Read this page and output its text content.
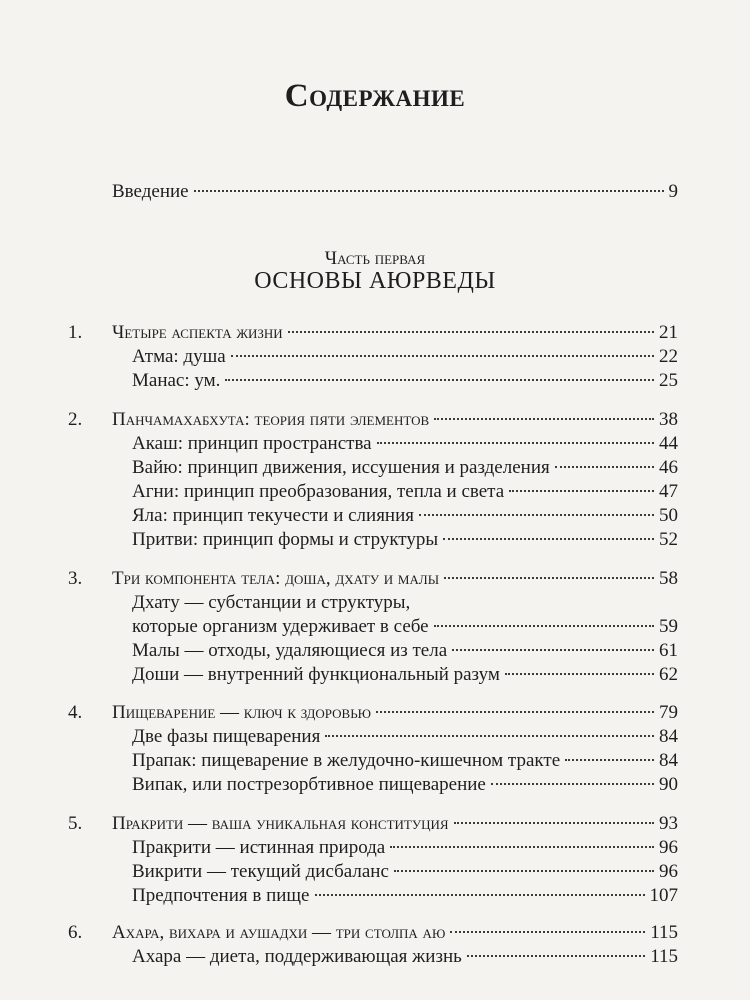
Содержание
Введение	9
Часть первая
ОСНОВЫ АЮРВЕДЫ
1. Четыре аспекта жизни	21
Атма: душа	22
Манас: ум.	25
2. Панчамахабхута: теория пяти элементов	38
Акаш: принцип пространства	44
Вайю: принцип движения, иссушения и разделения	46
Агни: принцип преобразования, тепла и света	47
Яла: принцип текучести и слияния	50
Притви: принцип формы и структуры	52
3. Три компонента тела: доша, дхату и малы	58
Дхату — субстанции и структуры,
которые организм удерживает в себе	59
Малы — отходы, удаляющиеся из тела	61
Доши — внутренний функциональный разум	62
4. Пищеварение — ключ к здоровью	79
Две фазы пищеварения	84
Прапак: пищеварение в желудочно-кишечном тракте	84
Випак, или пострезорбтивное пищеварение	90
5. Пракрити — ваша уникальная конституция	93
Пракрити — истинная природа	96
Викрити — текущий дисбаланс	96
Предпочтения в пище	107
6. Ахара, вихара и аушадхи — три столпа аю	115
Ахара — диета, поддерживающая жизнь	115
